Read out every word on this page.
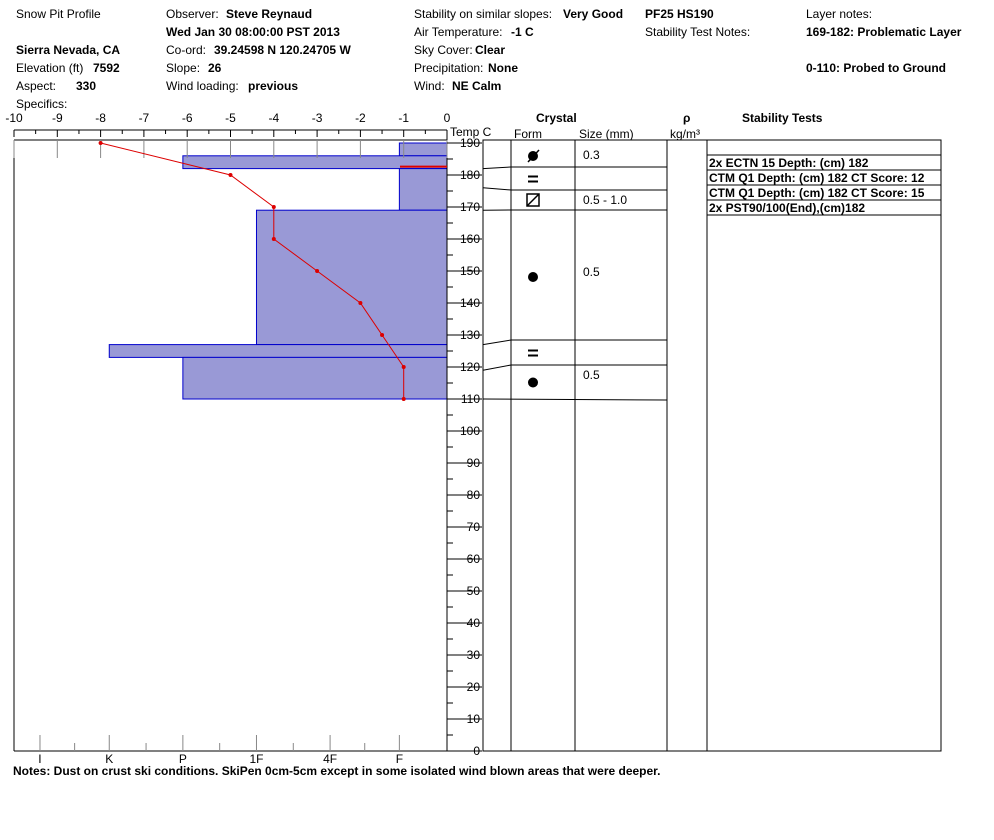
Snow Pit Profile
Sierra Nevada, CA
Elevation (ft) 7592
Aspect: 330
Specifics:
Observer: Steve Reynaud
Wed Jan 30 08:00:00 PST 2013
Co-ord: 39.24598 N 120.24705 W
Slope: 26
Wind loading: previous
Stability on similar slopes: Very Good
Air Temperature: -1 C
Sky Cover: Clear
Precipitation: None
Wind: NE Calm
PF25 HS190
Stability Test Notes:
Layer notes:
169-182: Problematic Layer
0-110: Probed to Ground
-10 -9	-8	-7	-6	-5	-4	-3	-2	-1	0
I	K	P	1F	4F	F
190
180
170
160
150
140
130
120
110
100
90
80
70
60
50
40
30
20
10
0
0.3
0.5 - 1.0
0.5
0.5
2x ECTN 15 Depth: (cm) 182
CTM Q1 Depth: (cm) 182 CT Score: 12
CTM Q1 Depth: (cm) 182 CT Score: 15
2x PST90/100(End),(cm)182
Temp C
Crystal
Form	Size (mm)
ρ
kg/m³
Stability Tests
Notes: Dust on crust ski conditions. SkiPen 0cm-5cm except in some isolated wind blown areas that were deeper.
